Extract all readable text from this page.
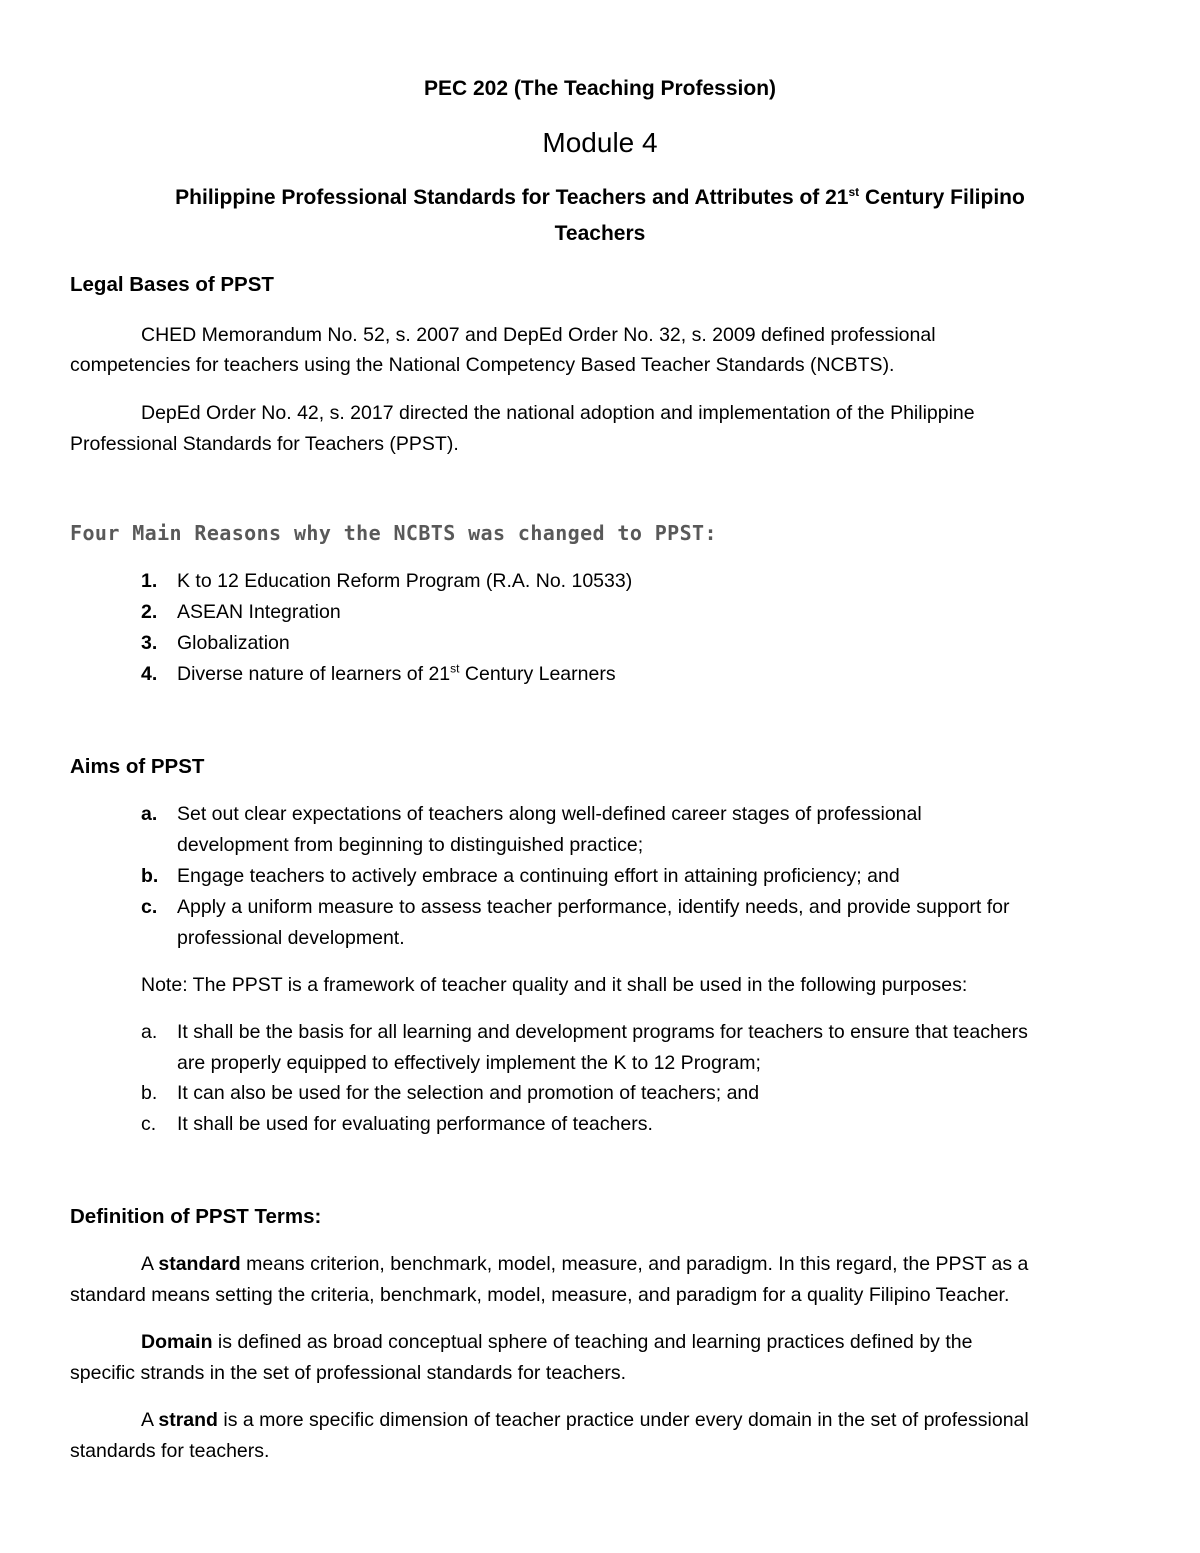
PEC 202 (The Teaching Profession)
Module 4
Philippine Professional Standards for Teachers and Attributes of 21st Century Filipino
Teachers
Legal Bases of PPST
CHED Memorandum No. 52, s. 2007 and DepEd Order No. 32, s. 2009 defined professional
competencies for teachers using the National Competency Based Teacher Standards (NCBTS).
DepEd Order No. 42, s. 2017 directed the national adoption and implementation of the Philippine
Professional Standards for Teachers (PPST).
Four Main Reasons why the NCBTS was changed to PPST:
1. K to 12 Education Reform Program (R.A. No. 10533)
2. ASEAN Integration
3. Globalization
4. Diverse nature of learners of 21st Century Learners
Aims of PPST
a. Set out clear expectations of teachers along well-defined career stages of professional
development from beginning to distinguished practice;
b. Engage teachers to actively embrace a continuing effort in attaining proficiency; and
c. Apply a uniform measure to assess teacher performance, identify needs, and provide support for
professional development.
Note: The PPST is a framework of teacher quality and it shall be used in the following purposes:
a. It shall be the basis for all learning and development programs for teachers to ensure that teachers
are properly equipped to effectively implement the K to 12 Program;
b. It can also be used for the selection and promotion of teachers; and
c. It shall be used for evaluating performance of teachers.
Definition of PPST Terms:
A standard means criterion, benchmark, model, measure, and paradigm. In this regard, the PPST as a
standard means setting the criteria, benchmark, model, measure, and paradigm for a quality Filipino Teacher.
Domain is defined as broad conceptual sphere of teaching and learning practices defined by the
specific strands in the set of professional standards for teachers.
A strand is a more specific dimension of teacher practice under every domain in the set of professional
standards for teachers.
